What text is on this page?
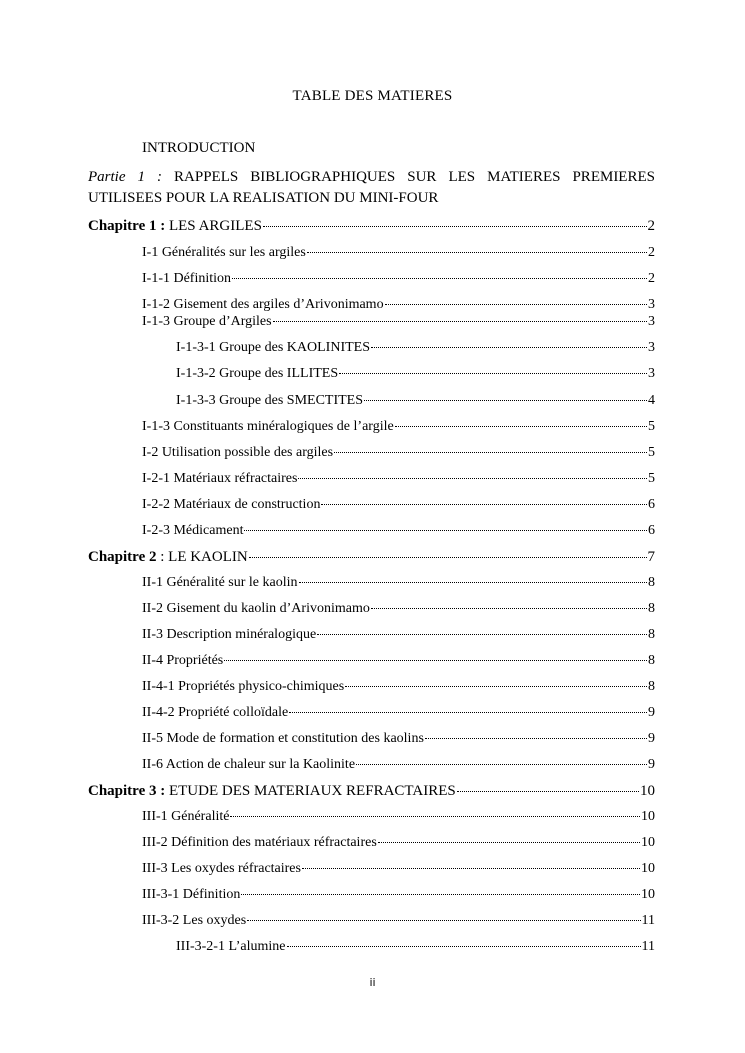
TABLE DES MATIERES
INTRODUCTION
Partie 1 : RAPPELS BIBLIOGRAPHIQUES SUR LES MATIERES PREMIERES
UTILISEES POUR LA REALISATION DU MINI-FOUR
Chapitre 1 : LES ARGILES	2
I-1 Généralités sur les argiles	2
I-1-1 Définition	2
I-1-2 Gisement des argiles d’Arivonimamo	3
I-1-3 Groupe d’Argiles	3
I-1-3-1 Groupe des KAOLINITES	3
I-1-3-2 Groupe des ILLITES	3
I-1-3-3 Groupe des SMECTITES	4
I-1-3 Constituants minéralogiques de l’argile	5
I-2 Utilisation possible des argiles	5
I-2-1 Matériaux réfractaires	5
I-2-2 Matériaux de construction	6
I-2-3 Médicament	6
Chapitre 2 : LE KAOLIN	7
II-1 Généralité sur le kaolin	8
II-2 Gisement du kaolin d’Arivonimamo	8
II-3 Description minéralogique	8
II-4 Propriétés	8
II-4-1 Propriétés physico-chimiques	8
II-4-2 Propriété colloïdale	9
II-5 Mode de formation et constitution des kaolins	9
II-6 Action de chaleur sur la Kaolinite	9
Chapitre 3 : ETUDE DES MATERIAUX REFRACTAIRES	10
III-1 Généralité	10
III-2 Définition des matériaux réfractaires	10
III-3 Les oxydes réfractaires	10
III-3-1 Définition	10
III-3-2 Les oxydes	11
III-3-2-1 L’alumine	11
ii
